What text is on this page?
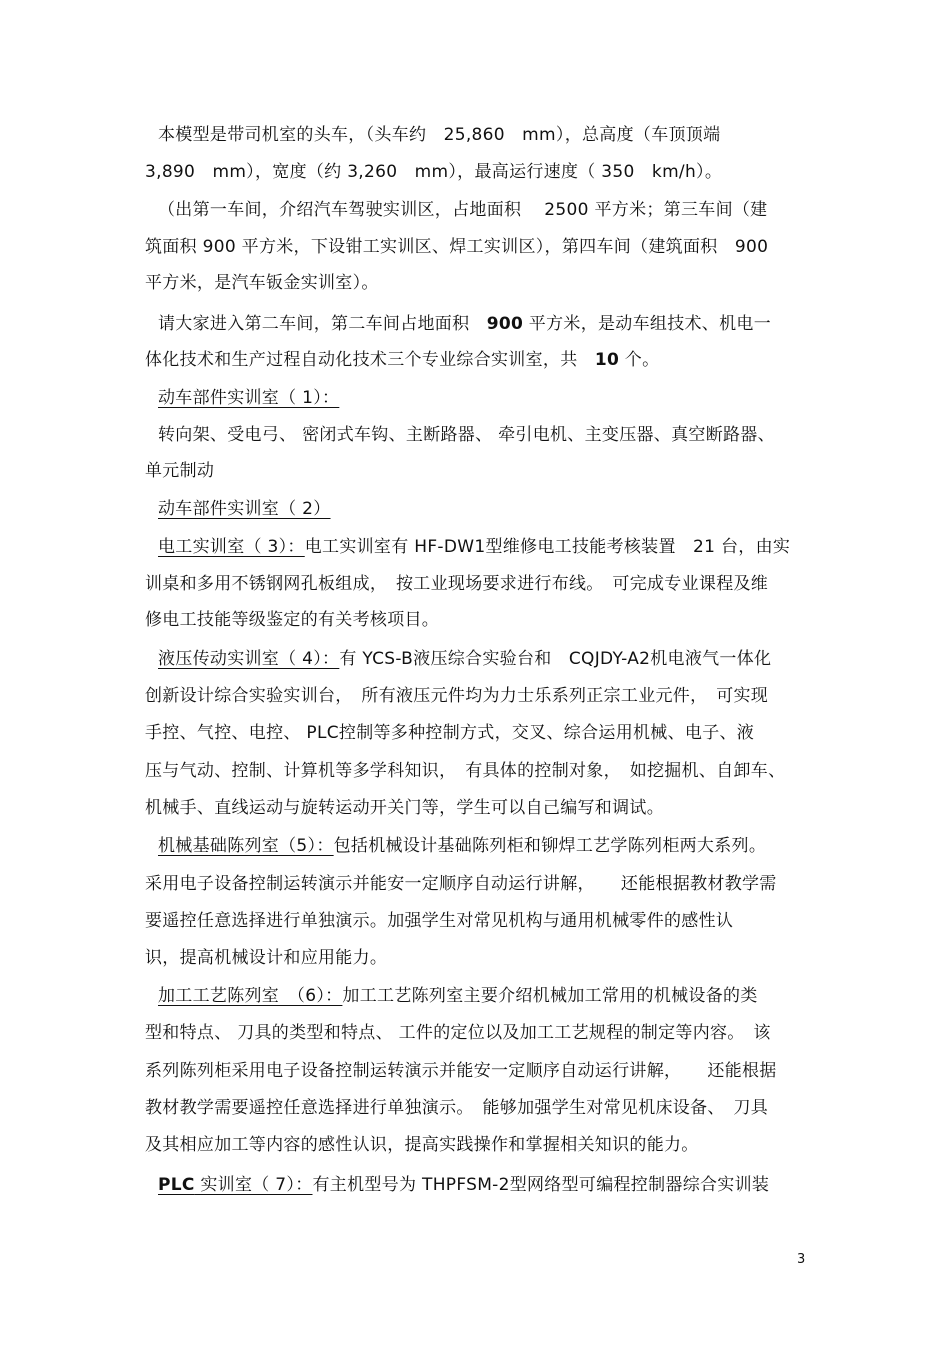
本模型是带司机室的头车，（头车约　25,860　mm），总高度（车顶顶端
3,890　mm），宽度（约 3,260　mm），最高运行速度（ 350　km/h）。
（出第一车间，介绍汽车驾驶实训区，占地面积　 2500 平方米；第三车间（建
筑面积 900 平方米，下设钳工实训区、焊工实训区），第四车间（建筑面积　900
平方米，是汽车钣金实训室）。
请大家进入第二车间，第二车间占地面积　900 平方米，是动车组技术、机电一
体化技术和生产过程自动化技术三个专业综合实训室，共　10 个。
动车部件实训室（ 1）：
转向架、受电弓、 密闭式车钩、主断路器、 牵引电机、主变压器、真空断路器、
单元制动
动车部件实训室（ 2）
电工实训室（ 3）：电工实训室有 HF-DW1型维修电工技能考核装置　21 台，由实
训桌和多用不锈钢网孔板组成，　按工业现场要求进行布线。　可完成专业课程及维
修电工技能等级鉴定的有关考核项目。
液压传动实训室（ 4）：有 YCS-B液压综合实验台和　CQJDY-A2机电液气一体化
创新设计综合实验实训台，　所有液压元件均为力士乐系列正宗工业元件，　可实现
手控、气控、电控、 PLC控制等多种控制方式，交叉、综合运用机械、电子、液
压与气动、控制、计算机等多学科知识，　有具体的控制对象，　如挖掘机、自卸车、
机械手、直线运动与旋转运动开关门等，学生可以自己编写和调试。
机械基础陈列室（5）：包括机械设计基础陈列柜和铆焊工艺学陈列柜两大系列。
采用电子设备控制运转演示并能安一定顺序自动运行讲解，　　还能根据教材教学需
要遥控任意选择进行单独演示。加强学生对常见机构与通用机械零件的感性认
识，提高机械设计和应用能力。
加工工艺陈列室　（6）：加工工艺陈列室主要介绍机械加工常用的机械设备的类
型和特点、 刀具的类型和特点、 工件的定位以及加工工艺规程的制定等内容。　该
系列陈列柜采用电子设备控制运转演示并能安一定顺序自动运行讲解，　　还能根据
教材教学需要遥控任意选择进行单独演示。　能够加强学生对常见机床设备、　刀具
及其相应加工等内容的感性认识，提高实践操作和掌握相关知识的能力。
PLC 实训室（ 7）：有主机型号为 THPFSM-2型网络型可编程控制器综合实训装
3
